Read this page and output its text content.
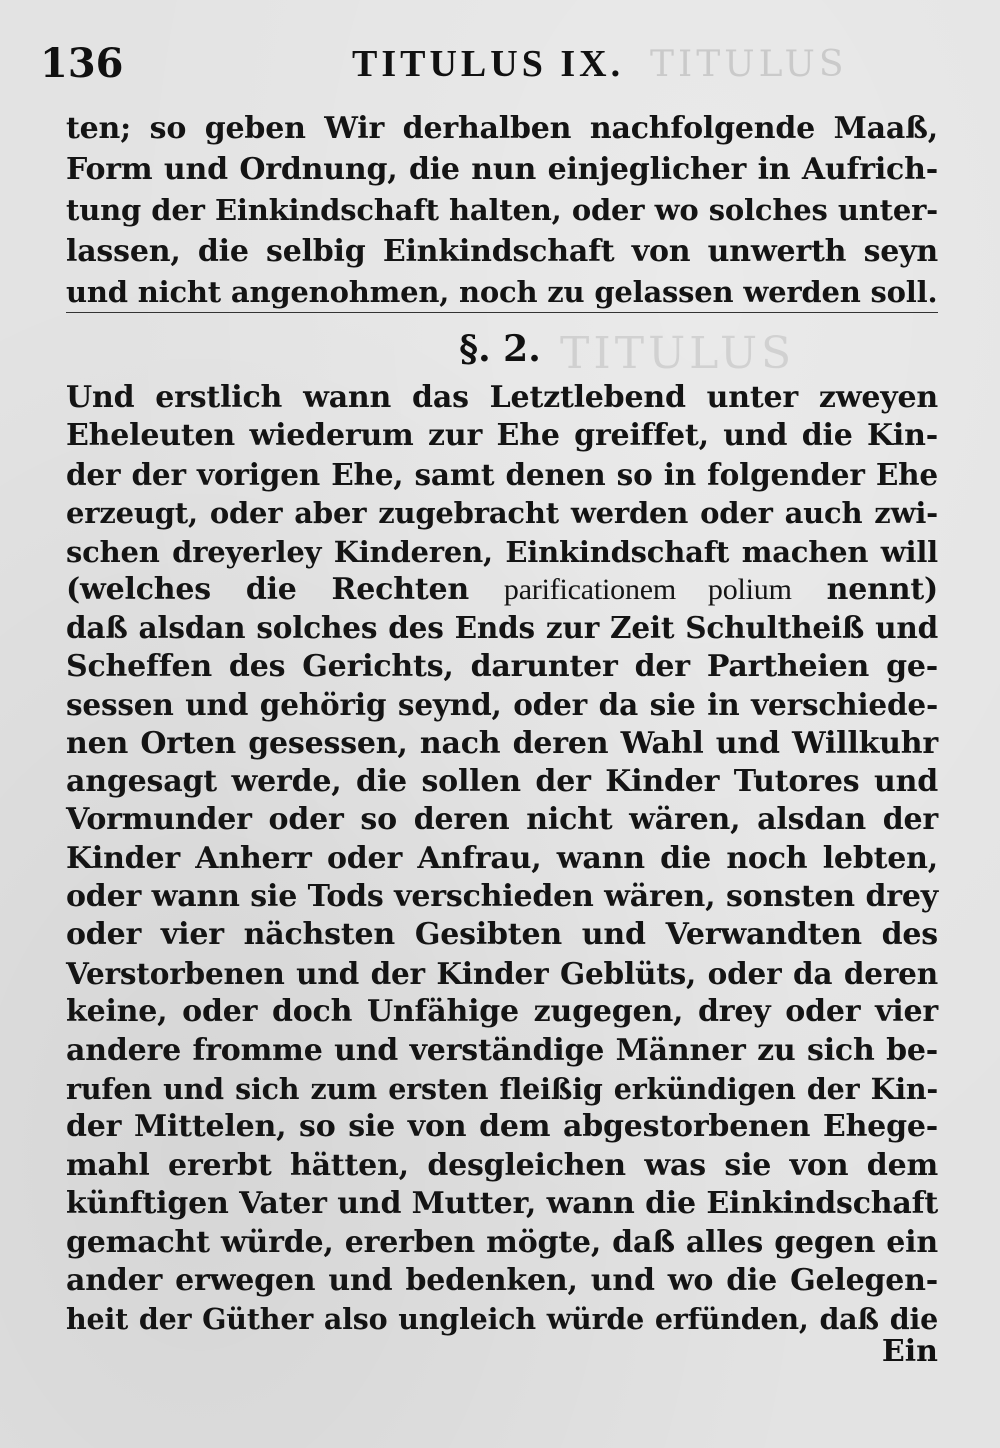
TITULUS
TITULUS
136	TITULUS IX.
ten; so geben Wir derhalben nachfolgende Maaß,
Form und Ordnung, die nun einjeglicher in Aufrich-
tung der Einkindschaft halten, oder wo solches unter-
lassen, die selbig Einkindschaft von unwerth seyn
und nicht angenohmen, noch zu gelassen werden soll.
§. 2.
Und erstlich wann das Letztlebend unter zweyen
Eheleuten wiederum zur Ehe greiffet, und die Kin-
der der vorigen Ehe, samt denen so in folgender Ehe
erzeugt, oder aber zugebracht werden oder auch zwi-
schen dreyerley Kinderen, Einkindschaft machen will
(welches die Rechten parificationem polium nennt)
daß alsdan solches des Ends zur Zeit Schultheiß und
Scheffen des Gerichts, darunter der Partheien ge-
sessen und gehörig seynd, oder da sie in verschiede-
nen Orten gesessen, nach deren Wahl und Willkuhr
angesagt werde, die sollen der Kinder Tutores und
Vormunder oder so deren nicht wären, alsdan der
Kinder Anherr oder Anfrau, wann die noch lebten,
oder wann sie Tods verschieden wären, sonsten drey
oder vier nächsten Gesibten und Verwandten des
Verstorbenen und der Kinder Geblüts, oder da deren
keine, oder doch Unfähige zugegen, drey oder vier
andere fromme und verständige Männer zu sich be-
rufen und sich zum ersten fleißig erkündigen der Kin-
der Mittelen, so sie von dem abgestorbenen Ehege-
mahl ererbt hätten, desgleichen was sie von dem
künftigen Vater und Mutter, wann die Einkindschaft
gemacht würde, ererben mögte, daß alles gegen ein
ander erwegen und bedenken, und wo die Gelegen-
heit der Güther also ungleich würde erfünden, daß die
Ein
